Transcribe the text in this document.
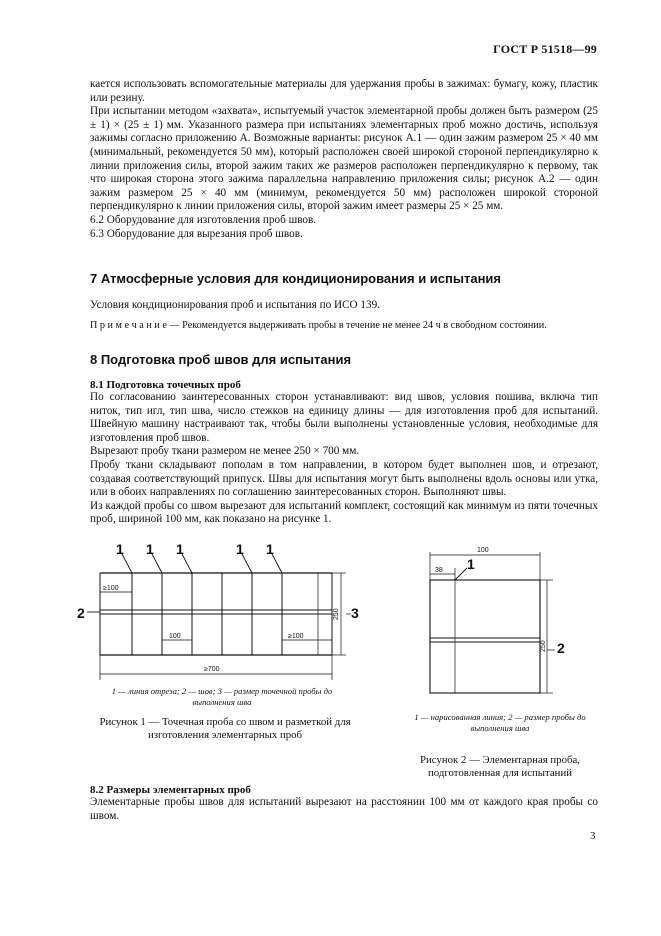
ГОСТ Р 51518—99

кается использовать вспомогательные материалы для удержания пробы в зажимах: бумагу, кожу, пластик или резину.

При испытании методом «захвата», испытуемый участок элементарной пробы должен быть размером (25 ± 1) × (25 ± 1) мм. Указанного размера при испытаниях элементарных проб можно достичь, используя зажимы согласно приложению А. Возможные варианты: рисунок А.1 — один зажим размером 25 × 40 мм (минимальный, рекомендуется 50 мм), который расположен своей широкой стороной перпендикулярно к линии приложения силы, второй зажим таких же размеров расположен перпендикулярно к первому, так что широкая сторона этого зажима параллельна направлению приложения силы; рисунок А.2 — один зажим размером 25 × 40 мм (минимум, рекомендуется 50 мм) расположен широкой стороной перпендикулярно к линии приложения силы, второй зажим имеет размеры 25 × 25 мм.

6.2 Оборудование для изготовления проб швов.

6.3 Оборудование для вырезания проб швов.

7 Атмосферные условия для кондиционирования и испытания
Условия кондиционирования проб и испытания по ИСО 139.
П р и м е ч а н и е — Рекомендуется выдерживать пробы в течение не менее 24 ч в свободном состоянии.
8 Подготовка проб швов для испытания
8.1 Подготовка точечных проб

По согласованию заинтересованных сторон устанавливают: вид швов, условия пошива, включа тип ниток, тип игл, тип шва, число стежков на единицу длины — для изготовления проб для испытаний. Швейную машину настраивают так, чтобы были выполнены установленные условия, необходимые для изготовления проб швов.

Вырезают пробу ткани размером не менее 250 × 700 мм.

Пробу ткани складывают пополам в том направлении, в котором будет выполнен шов, и отрезают, создавая соответствующий припуск. Швы для испытания могут быть выполнены вдоль основы или утка, или в обоих направлениях по соглашению заинтересованных сторон. Выполняют швы.

Из каждой пробы со швом вырезают для испытаний комплект, состоящий как минимум из пяти точечных проб, шириной 100 мм, как показано на рисунке 1.

1 1 1	1 1
2	3
≥100
100	≥100
250
≥700
1 — линия отреза; 2 — шов; 3 — размер точечной пробы до выполнения шва
Рисунок 1 — Точечная проба со швом и разметкой для изготовления элементарных проб
100
38 1
250 2
1 — нарисованная линия; 2 — размер пробы до выполнения шва
Рисунок 2 — Элементарная проба, подготовленная для испытаний
8.2 Размеры элементарных проб
Элементарные пробы швов для испытаний вырезают на расстоянии 100 мм от каждого края пробы со швом.
3
